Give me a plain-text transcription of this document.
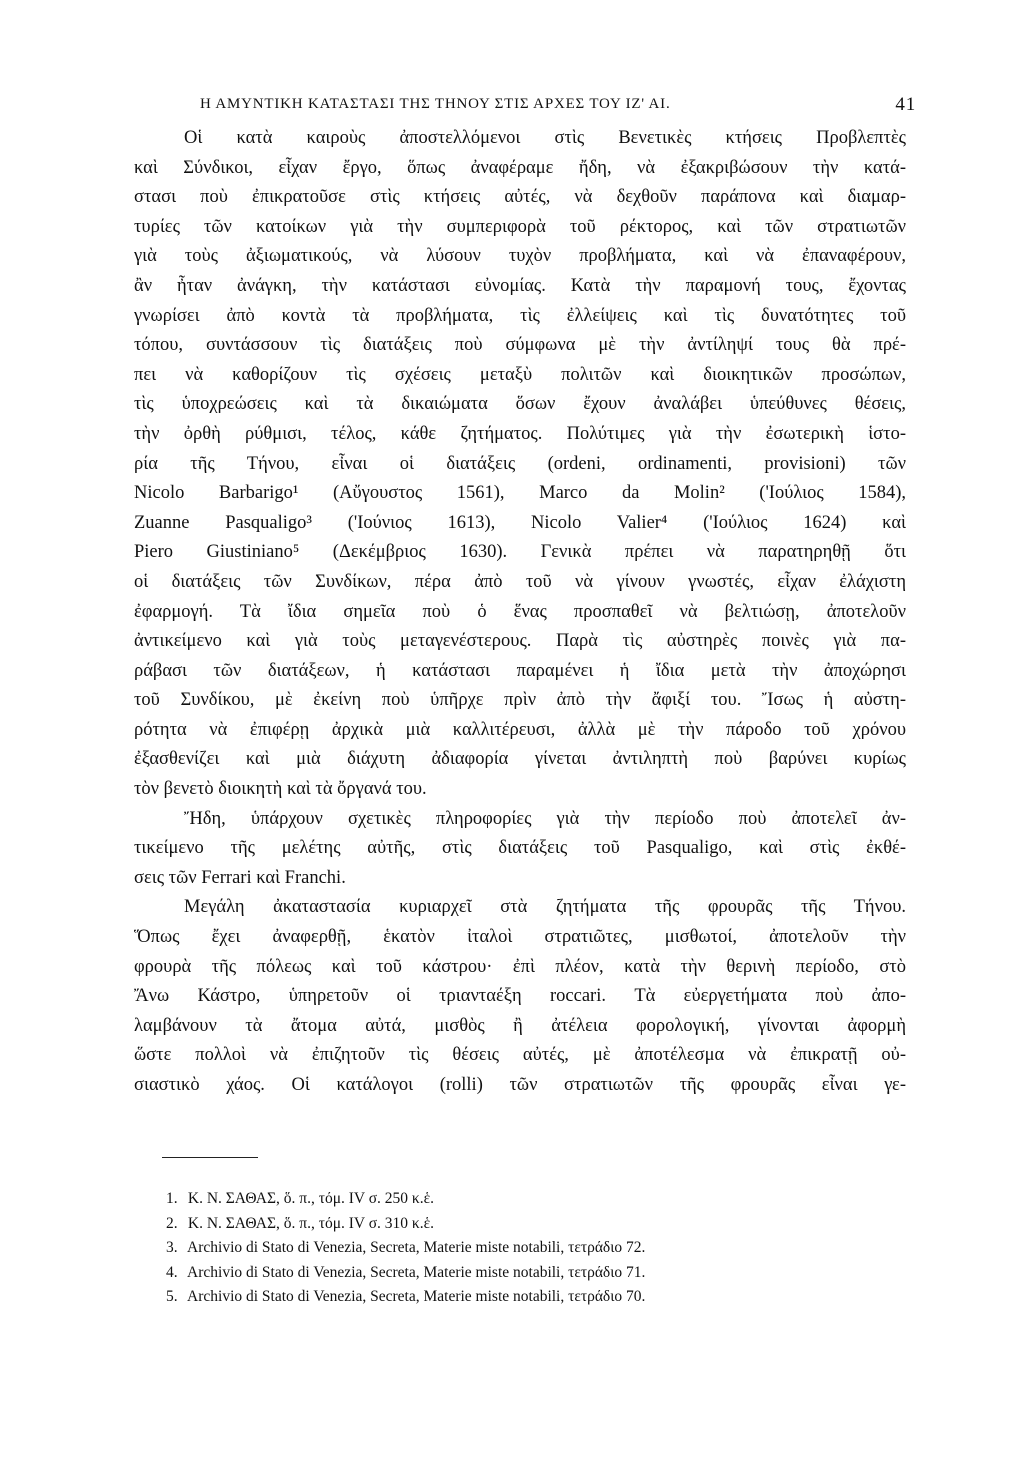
Η ΑΜΥΝΤΙΚΗ ΚΑΤΑΣΤΑΣΙ ΤΗΣ ΤΗΝΟΥ ΣΤΙΣ ΑΡΧΕΣ ΤΟΥ ΙΖ' ΑΙ.	41
Οἱ κατὰ καιροὺς ἀποστελλόμενοι στὶς Βενετικὲς κτήσεις Προβλεπτὲς
καὶ Σύνδικοι, εἶχαν ἔργο, ὅπως ἀναφέραμε ἤδη, νὰ ἐξακριβώσουν τὴν κατά-
στασι ποὺ ἐπικρατοῦσε στὶς κτήσεις αὐτές, νὰ δεχθοῦν παράπονα καὶ διαμαρ-
τυρίες τῶν κατοίκων γιὰ τὴν συμπεριφορὰ τοῦ ρέκτορος, καὶ τῶν στρατιωτῶν
γιὰ τοὺς ἀξιωματικούς, νὰ λύσουν τυχὸν προβλήματα, καὶ νὰ ἐπαναφέρουν,
ἂν ἦταν ἀνάγκη, τὴν κατάστασι εὐνομίας. Κατὰ τὴν παραμονή τους, ἔχοντας
γνωρίσει ἀπὸ κοντὰ τὰ προβλήματα, τὶς ἐλλείψεις καὶ τὶς δυνατότητες τοῦ
τόπου, συντάσσουν τὶς διατάξεις ποὺ σύμφωνα μὲ τὴν ἀντίληψί τους θὰ πρέ-
πει νὰ καθορίζουν τὶς σχέσεις μεταξὺ πολιτῶν καὶ διοικητικῶν προσώπων,
τὶς ὑποχρεώσεις καὶ τὰ δικαιώματα ὅσων ἔχουν ἀναλάβει ὑπεύθυνες θέσεις,
τὴν ὀρθὴ ρύθμισι, τέλος, κάθε ζητήματος. Πολύτιμες γιὰ τὴν ἐσωτερικὴ ἱστο-
ρία τῆς Τήνου, εἶναι οἱ διατάξεις (ordeni, ordinamenti, provisioni) τῶν
Nicolo Barbarigo¹ (Αὔγουστος 1561), Marco da Molin² ('Ιούλιος 1584),
Zuanne Pasqualigo³ ('Ιούνιος 1613), Nicolo Valier⁴ ('Ιούλιος 1624) καὶ
Piero Giustiniano⁵ (Δεκέμβριος 1630). Γενικὰ πρέπει νὰ παρατηρηθῇ ὅτι
οἱ διατάξεις τῶν Συνδίκων, πέρα ἀπὸ τοῦ νὰ γίνουν γνωστές, εἶχαν ἐλάχιστη
ἐφαρμογή. Τὰ ἴδια σημεῖα ποὺ ὁ ἕνας προσπαθεῖ νὰ βελτιώσῃ, ἀποτελοῦν
ἀντικείμενο καὶ γιὰ τοὺς μεταγενέστερους. Παρὰ τὶς αὐστηρὲς ποινὲς γιὰ πα-
ράβασι τῶν διατάξεων, ἡ κατάστασι παραμένει ἡ ἴδια μετὰ τὴν ἀποχώρησι
τοῦ Συνδίκου, μὲ ἐκείνη ποὺ ὑπῆρχε πρὶν ἀπὸ τὴν ἄφιξί του. Ἴσως ἡ αὐστη-
ρότητα νὰ ἐπιφέρῃ ἀρχικὰ μιὰ καλλιτέρευσι, ἀλλὰ μὲ τὴν πάροδο τοῦ χρόνου
ἐξασθενίζει καὶ μιὰ διάχυτη ἀδιαφορία γίνεται ἀντιληπτὴ ποὺ βαρύνει κυρίως
τὸν βενετὸ διοικητὴ καὶ τὰ ὄργανά του.
Ἤδη, ὑπάρχουν σχετικὲς πληροφορίες γιὰ τὴν περίοδο ποὺ ἀποτελεῖ ἀν-
τικείμενο τῆς μελέτης αὐτῆς, στὶς διατάξεις τοῦ Pasqualigo, καὶ στὶς ἐκθέ-
σεις τῶν Ferrari καὶ Franchi.
Μεγάλη ἀκαταστασία κυριαρχεῖ στὰ ζητήματα τῆς φρουρᾶς τῆς Τήνου.
Ὅπως ἔχει ἀναφερθῇ, ἑκατὸν ἰταλοὶ στρατιῶτες, μισθωτοί, ἀποτελοῦν τὴν
φρουρὰ τῆς πόλεως καὶ τοῦ κάστρου· ἐπὶ πλέον, κατὰ τὴν θερινὴ περίοδο, στὸ
Ἄνω Κάστρο, ὑπηρετοῦν οἱ τριανταέξη roccari. Τὰ εὐεργετήματα ποὺ ἀπο-
λαμβάνουν τὰ ἄτομα αὐτά, μισθὸς ἢ ἀτέλεια φορολογική, γίνονται ἀφορμὴ
ὥστε πολλοὶ νὰ ἐπιζητοῦν τὶς θέσεις αὐτές, μὲ ἀποτέλεσμα νὰ ἐπικρατῇ οὐ-
σιαστικὸ χάος. Οἱ κατάλογοι (rolli) τῶν στρατιωτῶν τῆς φρουρᾶς εἶναι γε-
1. Κ. Ν. ΣΑΘΑΣ, ὅ. π., τόμ. IV σ. 250 κ.ἑ.
2. Κ. Ν. ΣΑΘΑΣ, ὅ. π., τόμ. IV σ. 310 κ.ἑ.
3. Archivio di Stato di Venezia, Secreta, Materie miste notabili, τετράδιο 72.
4. Archivio di Stato di Venezia, Secreta, Materie miste notabili, τετράδιο 71.
5. Archivio di Stato di Venezia, Secreta, Materie miste notabili, τετράδιο 70.
